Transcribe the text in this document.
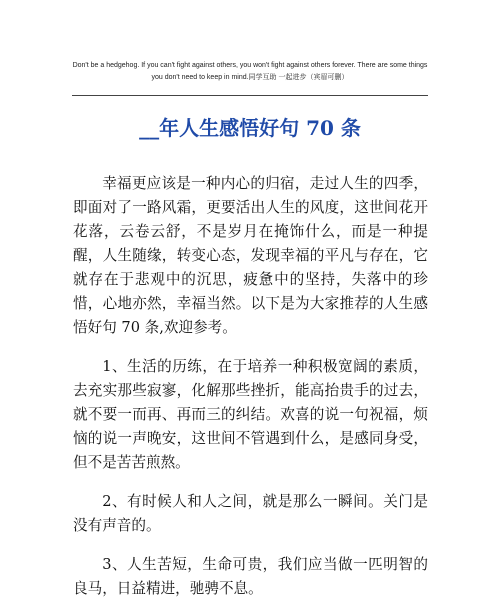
Don't be a hedgehog. If you can't fight against others, you won't fight against others forever. There are some things you don't need to keep in mind.同学互助 一起进步（宾眉可删）
__年人生感悟好句 70 条

幸福更应该是一种内心的归宿，走过人生的四季，即面对了一路风霜，更要活出人生的风度，这世间花开花落，云卷云舒，不是岁月在掩饰什么，而是一种提醒，人生随缘，转变心态，发现幸福的平凡与存在，它就存在于悲观中的沉思，疲惫中的坚持，失落中的珍惜，心地亦然，幸福当然。以下是为大家推荐的人生感悟好句 70 条,欢迎参考。

1、生活的历练，在于培养一种积极宽阔的素质，去充实那些寂寥，化解那些挫折，能高抬贵手的过去，就不要一而再、再而三的纠结。欢喜的说一句祝福，烦恼的说一声晚安，这世间不管遇到什么，是感同身受，但不是苦苦煎熬。

2、有时候人和人之间，就是那么一瞬间。关门是没有声音的。

3、人生苦短，生命可贵，我们应当做一匹明智的良马，日益精进，驰骋不息。
